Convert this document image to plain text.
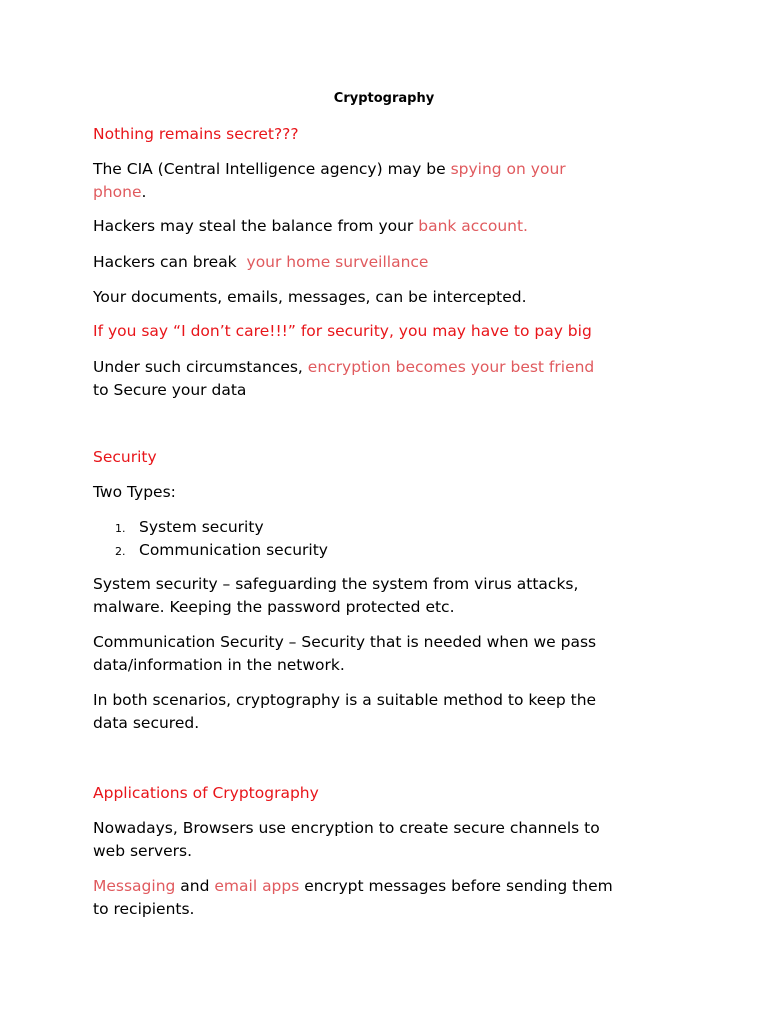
Cryptography

Nothing remains secret???

The CIA (Central Intelligence agency) may be spying on your
phone.

Hackers may steal the balance from your bank account.

Hackers can break  your home surveillance

Your documents, emails, messages, can be intercepted.

If you say “I don’t care!!!” for security, you may have to pay big

Under such circumstances, encryption becomes your best friend
to Secure your data

Security

Two Types:

1. System security
2. Communication security

System security – safeguarding the system from virus attacks,
malware. Keeping the password protected etc.

Communication Security – Security that is needed when we pass
data/information in the network.

In both scenarios, cryptography is a suitable method to keep the
data secured.

Applications of Cryptography

Nowadays, Browsers use encryption to create secure channels to
web servers.

Messaging and email apps encrypt messages before sending them
to recipients.
